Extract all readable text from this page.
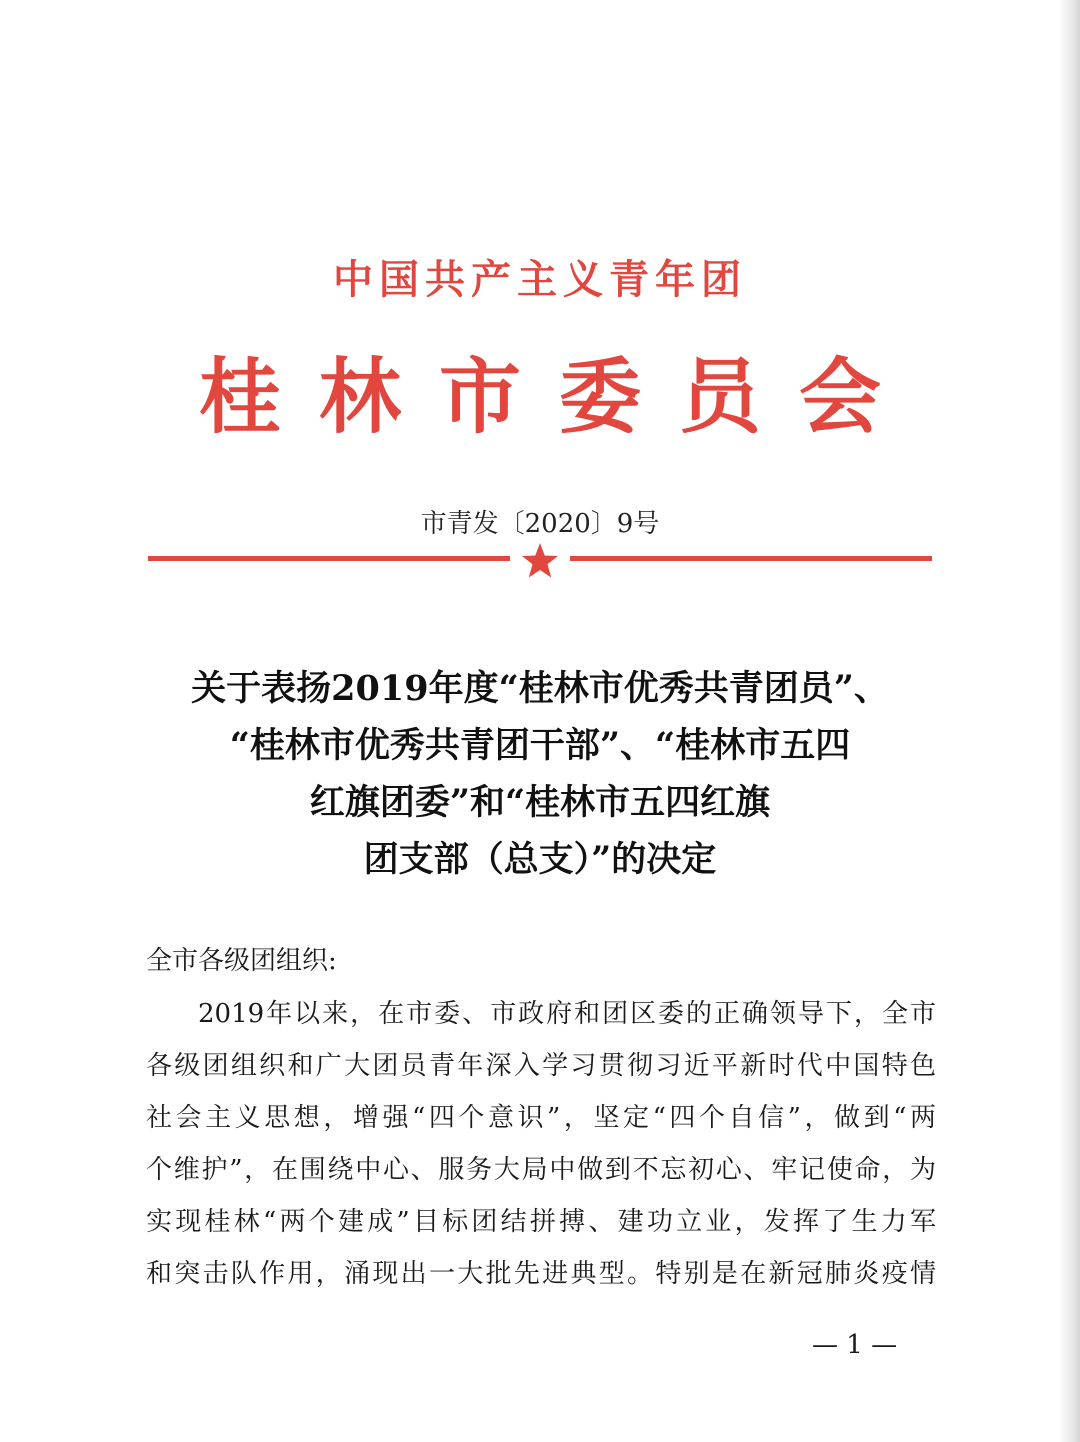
中国共产主义青年团
桂林市委员会
市青发〔2020〕9号
关于表扬2019年度“桂林市优秀共青团员”、
“桂林市优秀共青团干部”、“桂林市五四
红旗团委”和“桂林市五四红旗
团支部（总支）”的决定
全市各级团组织:
2019年以来，在市委、市政府和团区委的正确领导下，全市
各级团组织和广大团员青年深入学习贯彻习近平新时代中国特色
社会主义思想，增强“四个意识”，坚定“四个自信”，做到“两
个维护”，在围绕中心、服务大局中做到不忘初心、牢记使命，为
实现桂林“两个建成”目标团结拼搏、建功立业，发挥了生力军
和突击队作用，涌现出一大批先进典型。特别是在新冠肺炎疫情
— 1 —
